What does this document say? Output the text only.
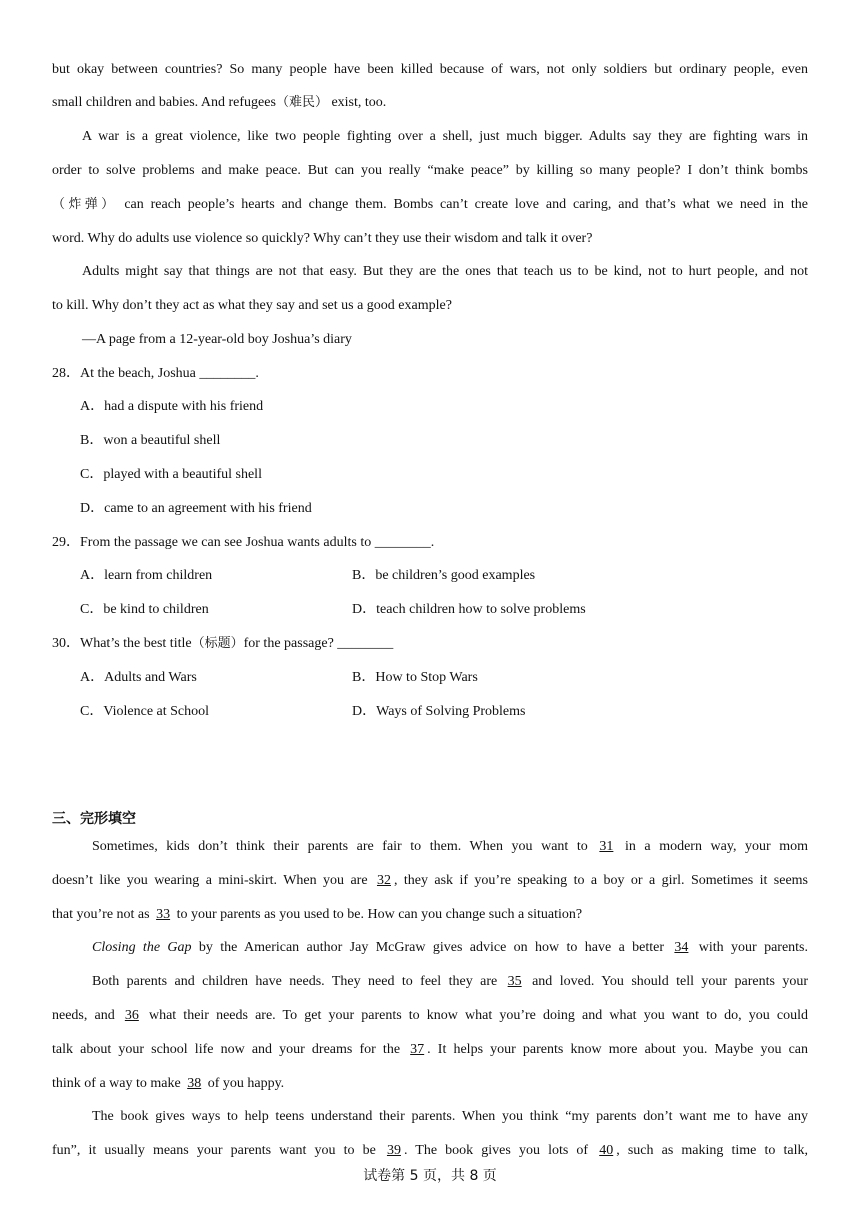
but okay between countries? So many people have been killed because of wars, not only soldiers but ordinary people, even
small children and babies. And refugees（难民） exist, too.
A war is a great violence, like two people fighting over a shell, just much bigger. Adults say they are fighting wars in
order to solve problems and make peace. But can you really “make peace” by killing so many people? I don’t think bombs
（炸弹） can reach people’s hearts and change them. Bombs can’t create love and caring, and that’s what we need in the
word. Why do adults use violence so quickly? Why can’t they use their wisdom and talk it over?
Adults might say that things are not that easy. But they are the ones that teach us to be kind, not to hurt people, and not
to kill. Why don’t they act as what they say and set us a good example?
—A page from a 12-year-old boy Joshua’s diary
28．At the beach, Joshua ________.
A．had a dispute with his friend
B．won a beautiful shell
C．played with a beautiful shell
D．came to an agreement with his friend
29．From the passage we can see Joshua wants adults to ________.
A．learn from children	B．be children’s good examples
C．be kind to children	D．teach children how to solve problems
30．What’s the best title（标题）for the passage? ________
A．Adults and Wars	B．How to Stop Wars
C．Violence at School	D．Ways of Solving Problems
三、完形填空
Sometimes, kids don’t think their parents are fair to them. When you want to 31 in a modern way, your mom
doesn’t like you wearing a mini-skirt. When you are 32 , they ask if you’re speaking to a boy or a girl. Sometimes it seems
that you’re not as 33 to your parents as you used to be. How can you change such a situation?
Closing the Gap by the American author Jay McGraw gives advice on how to have a better 34 with your parents.
Both parents and children have needs. They need to feel they are 35 and loved. You should tell your parents your
needs, and 36 what their needs are. To get your parents to know what you’re doing and what you want to do, you could
talk about your school life now and your dreams for the 37 . It helps your parents know more about you. Maybe you can
think of a way to make 38 of you happy.
The book gives ways to help teens understand their parents. When you think “my parents don’t want me to have any
fun”, it usually means your parents want you to be 39 . The book gives you lots of 40 , such as making time to talk,
试卷第 5 页，共 8 页
